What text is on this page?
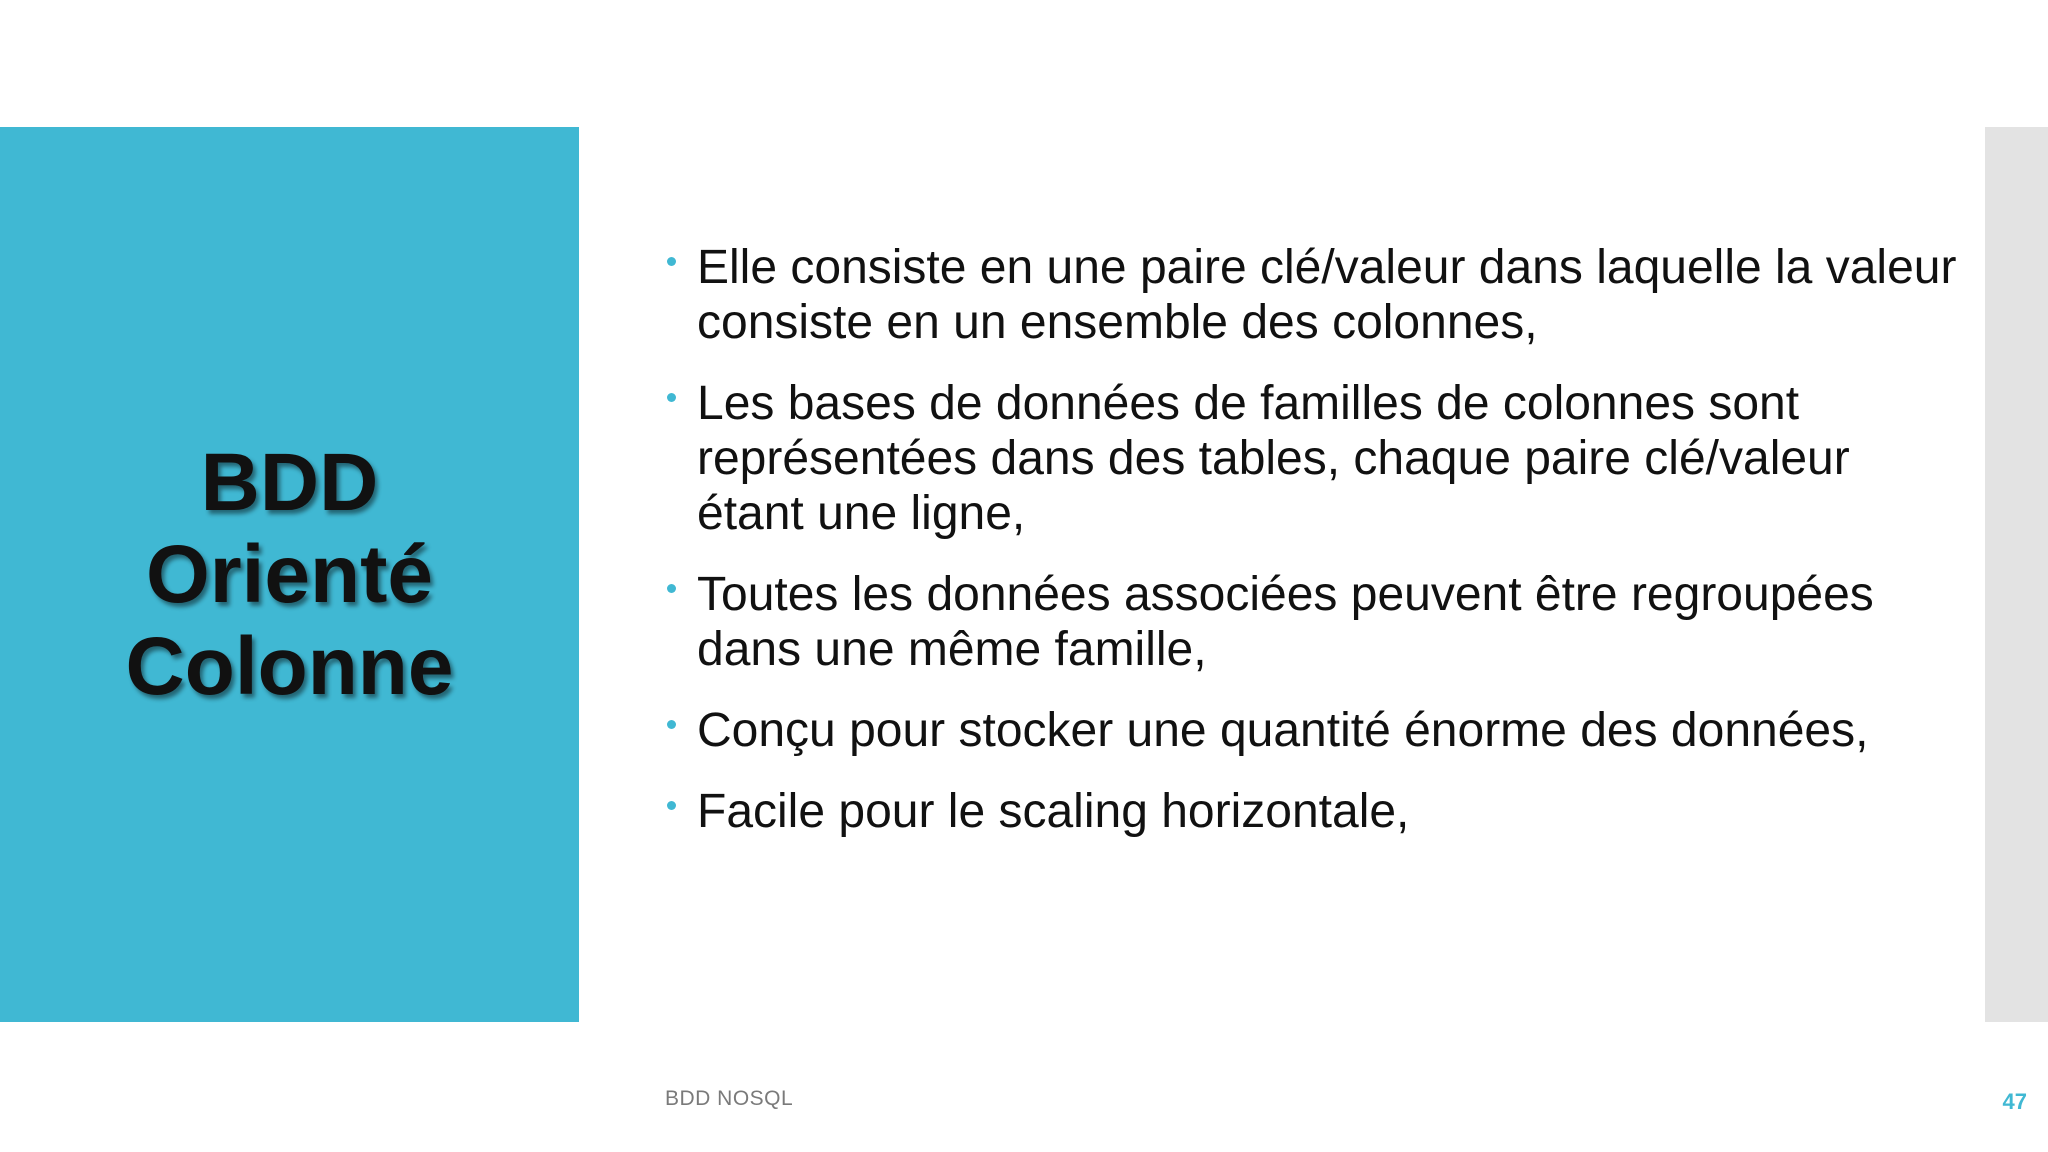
BDD
Orienté
Colonne
Elle consiste en une paire clé/valeur dans laquelle la valeur consiste en un ensemble des colonnes,
Les bases de données de familles de colonnes sont représentées dans des tables, chaque paire clé/valeur étant une ligne,
Toutes les données associées peuvent être regroupées dans une même famille,
Conçu pour stocker une quantité énorme des données,
Facile pour le scaling horizontale,
BDD NOSQL	47
